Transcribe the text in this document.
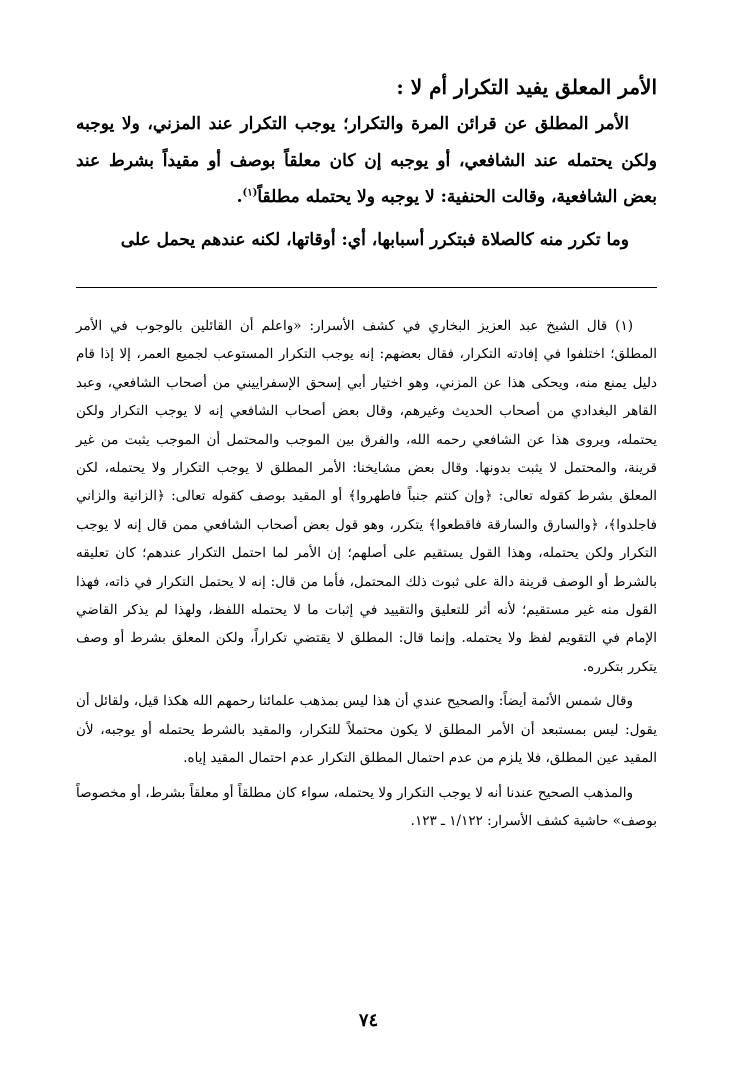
الأمر المعلق يفيد التكرار أم لا :

الأمر المطلق عن قرائن المرة والتكرار؛ يوجب التكرار عند المزني، ولا يوجبه ولكن يحتمله عند الشافعي، أو يوجبه إن كان معلقاً بوصف أو مقيداً بشرط عند بعض الشافعية، وقالت الحنفية: لا يوجبه ولا يحتمله مطلقاً$^{(١)}$.

وما تكرر منه كالصلاة فبتكرر أسبابها، أي: أوقاتها، لكنه عندهم يحمل على

(١) قال الشيخ عبد العزيز البخاري في كشف الأسرار: «واعلم أن القائلين بالوجوب في الأمر المطلق؛ اختلفوا في إفادته التكرار، فقال بعضهم: إنه يوجب التكرار المستوعب لجميع العمر، إلا إذا قام دليل يمنع منه، ويحكى هذا عن المزني، وهو اختيار أبي إسحق الإسفراييني من أصحاب الشافعي، وعبد القاهر البغدادي من أصحاب الحديث وغيرهم، وقال بعض أصحاب الشافعي إنه لا يوجب التكرار ولكن يحتمله، ويروى هذا عن الشافعي رحمه الله، والفرق بين الموجب والمحتمل أن الموجب يثبت من غير قرينة، والمحتمل لا يثبت بدونها. وقال بعض مشايخنا: الأمر المطلق لا يوجب التكرار ولا يحتمله، لكن المعلق بشرط كقوله تعالى: ﴿وإن كنتم جنباً فاطهروا﴾ أو المقيد بوصف كقوله تعالى: ﴿الزانية والزاني فاجلدوا﴾، ﴿والسارق والسارقة فاقطعوا﴾ يتكرر، وهو قول بعض أصحاب الشافعي ممن قال إنه لا يوجب التكرار ولكن يحتمله، وهذا القول يستقيم على أصلهم؛ إن الأمر لما احتمل التكرار عندهم؛ كان تعليقه بالشرط أو الوصف قرينة دالة على ثبوت ذلك المحتمل، فأما من قال: إنه لا يحتمل التكرار في ذاته، فهذا القول منه غير مستقيم؛ لأنه أثر للتعليق والتقييد في إثبات ما لا يحتمله اللفظ، ولهذا لم يذكر القاضي الإمام في التقويم لفظ ولا يحتمله. وإنما قال: المطلق لا يقتضي تكراراً، ولكن المعلق بشرط أو وصف يتكرر بتكرره.

وقال شمس الأئمة أيضاً: والصحيح عندي أن هذا ليس بمذهب علمائنا رحمهم الله هكذا قيل، ولقائل أن يقول: ليس بمستبعد أن الأمر المطلق لا يكون محتملاً للتكرار، والمقيد بالشرط يحتمله أو يوجبه، لأن المقيد عين المطلق، فلا يلزم من عدم احتمال المطلق التكرار عدم احتمال المقيد إياه.

والمذهب الصحيح عندنا أنه لا يوجب التكرار ولا يحتمله، سواء كان مطلقاً أو معلقاً بشرط، أو مخصوصاً بوصف» حاشية كشف الأسرار: ١/١٢٢ ـ ١٢٣.

٧٤
